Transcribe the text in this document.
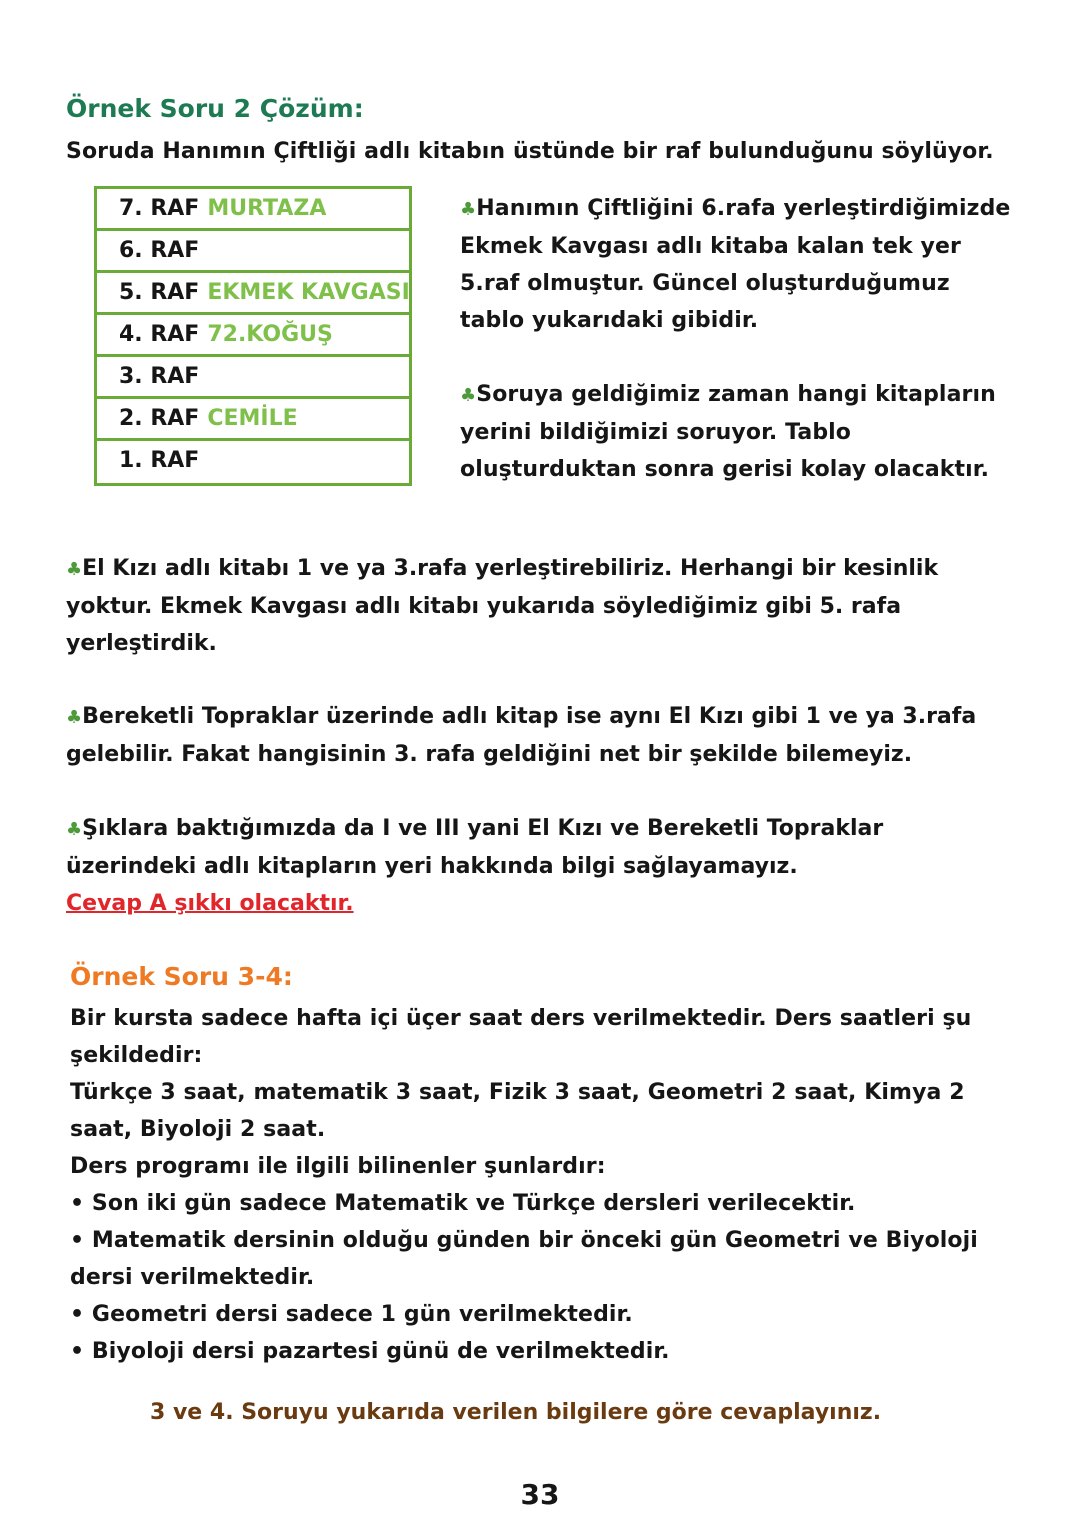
Örnek Soru 2 Çözüm:
Soruda Hanımın Çiftliği adlı kitabın üstünde bir raf bulunduğunu söylüyor.
7. RAF MURTAZA
6. RAF
5. RAF EKMEK KAVGASI
4. RAF 72.KOĞUŞ
3. RAF
2. RAF CEMİLE
1. RAF
♣Hanımın Çiftliğini 6.rafa yerleştirdiğimizde
Ekmek Kavgası adlı kitaba kalan tek yer
5.raf olmuştur. Güncel oluşturduğumuz
tablo yukarıdaki gibidir.
♣Soruya geldiğimiz zaman hangi kitapların
yerini bildiğimizi soruyor. Tablo
oluşturduktan sonra gerisi kolay olacaktır.
♣El Kızı adlı kitabı 1 ve ya 3.rafa yerleştirebiliriz. Herhangi bir kesinlik
yoktur. Ekmek Kavgası adlı kitabı yukarıda söylediğimiz gibi 5. rafa
yerleştirdik.
♣Bereketli Topraklar üzerinde adlı kitap ise aynı El Kızı gibi 1 ve ya 3.rafa
gelebilir. Fakat hangisinin 3. rafa geldiğini net bir şekilde bilemeyiz.
♣Şıklara baktığımızda da I ve III yani El Kızı ve Bereketli Topraklar
üzerindeki adlı kitapların yeri hakkında bilgi sağlayamayız.
Cevap A şıkkı olacaktır.
Örnek Soru 3-4:
Bir kursta sadece hafta içi üçer saat ders verilmektedir. Ders saatleri şu
şekildedir:
Türkçe 3 saat, matematik 3 saat, Fizik 3 saat, Geometri 2 saat, Kimya 2
saat, Biyoloji 2 saat.
Ders programı ile ilgili bilinenler şunlardır:
• Son iki gün sadece Matematik ve Türkçe dersleri verilecektir.
• Matematik dersinin olduğu günden bir önceki gün Geometri ve Biyoloji
dersi verilmektedir.
• Geometri dersi sadece 1 gün verilmektedir.
• Biyoloji dersi pazartesi günü de verilmektedir.
3 ve 4. Soruyu yukarıda verilen bilgilere göre cevaplayınız.
33
